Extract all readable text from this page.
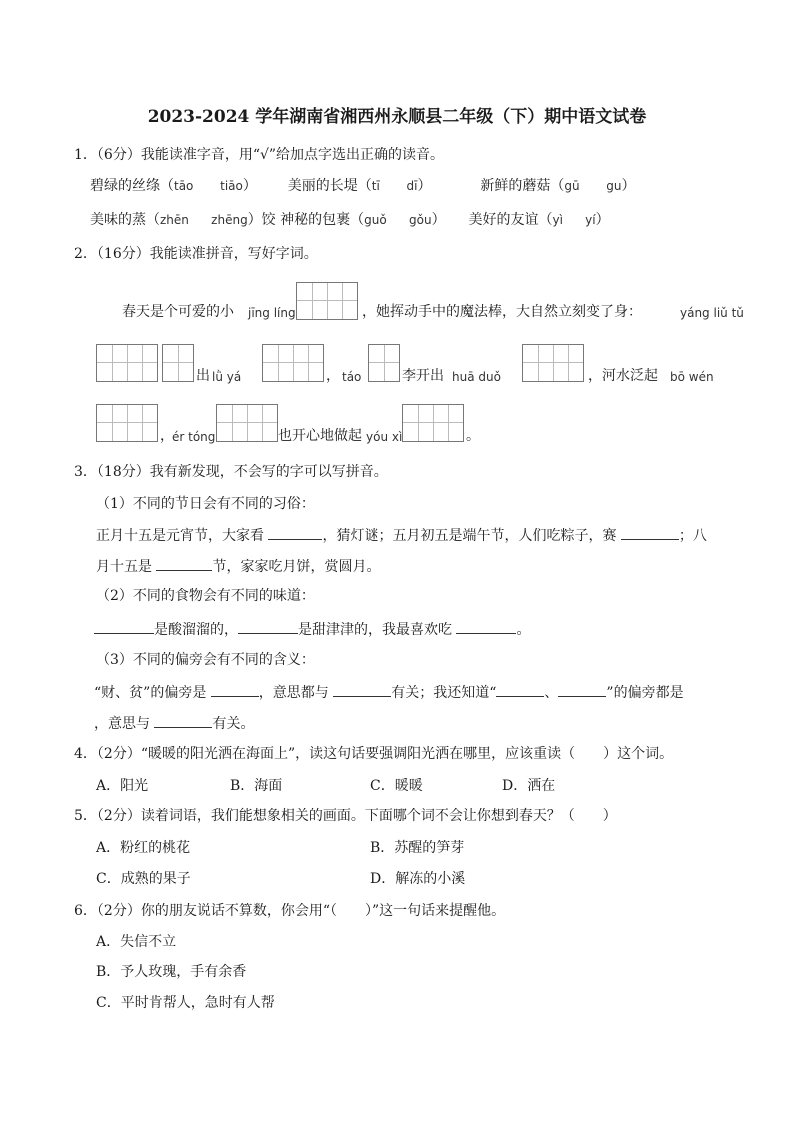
2023-2024 学年湖南省湘西州永顺县二年级（下）期中语文试卷
1．（6分）我能读准字音，用“√”给加点字选出正确的读音。
碧绿的丝绦（tāo tiāo） 美丽的长堤（tī dī）	新鲜的蘑菇（gū gu）
美味的蒸（zhēn zhēng）饺 神秘的包裹（guǒ gǒu） 美好的友谊（yì yí）
2．（16分）我能读准拼音，写好字词。
春天是个可爱的小 jīng líng	，她挥动手中的魔法棒，大自然立刻变了身：	yáng liǔ tǔ
出 lǜ yá	， táo	李开出 huā duǒ	，河水泛起 bō wén
，
ér tóng	也开心地做起 yóu xì	。
3．（18分）我有新发现，不会写的字可以写拼音。
（1）不同的节日会有不同的习俗：
正月十五是元宵节，大家看	，猜灯谜；五月初五是端午节，人们吃粽子，赛	；八
月十五是	节，家家吃月饼，赏圆月。
（2）不同的食物会有不同的味道：
是酸溜溜的，	是甜津津的，我最喜欢吃	。
（3）不同的偏旁会有不同的含义：
“财、贫”的偏旁是	，意思都与	有关；我还知道“	、	”的偏旁都是
，意思与	有关。
4．（2分）“暖暖的阳光洒在海面上”，读这句话要强调阳光洒在哪里，应该重读（　　）这个词。
A．阳光	B．海面	C．暖暖	D．洒在
5．（2分）读着词语，我们能想象相关的画面。下面哪个词不会让你想到春天？（　　）
A．粉红的桃花	B．苏醒的笋芽
C．成熟的果子	D．解冻的小溪
6．（2分）你的朋友说话不算数，你会用“（　　）”这一句话来提醒他。
A．失信不立
B．予人玫瑰，手有余香
C．平时肯帮人，急时有人帮
